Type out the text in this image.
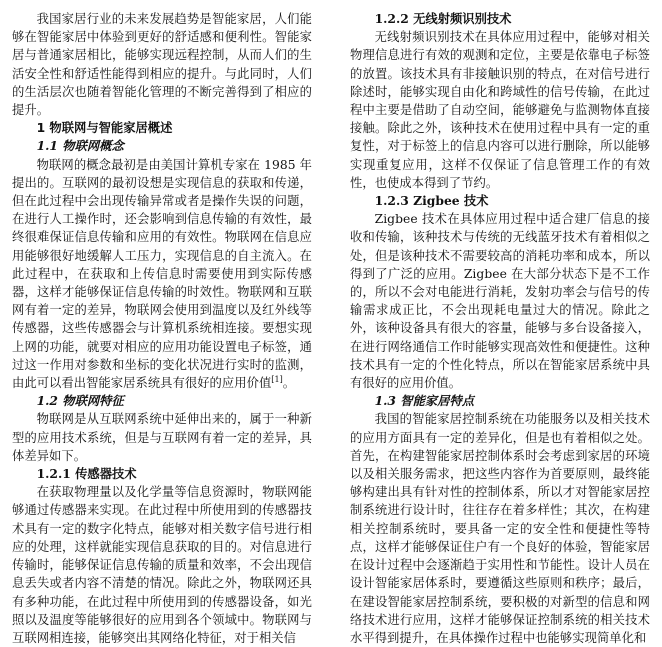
我国家居行业的未来发展趋势是智能家居，人们能够在智能家居中体验到更好的舒适感和便利性。智能家居与普通家居相比，能够实现远程控制，从而人们的生活安全性和舒适性能得到相应的提升。与此同时，人们的生活层次也随着智能化管理的不断完善得到了相应的提升。

1 物联网与智能家居概述
1.1 物联网概念

物联网的概念最初是由美国计算机专家在 1985 年提出的。互联网的最初设想是实现信息的获取和传递，但在此过程中会出现传输异常或者是操作失误的问题，在进行人工操作时，还会影响到信息传输的有效性，最终很难保证信息传输和应用的有效性。物联网在信息应用能够很好地缓解人工压力，实现信息的自主流入。在此过程中，在获取和上传信息时需要使用到实际传感器，这样才能够保证信息传输的时效性。物联网和互联网有着一定的差异，物联网会使用到温度以及红外线等传感器，这些传感器会与计算机系统相连接。要想实现上网的功能，就要对相应的应用功能设置电子标签，通过这一作用对参数和坐标的变化状况进行实时的监测，由此可以看出智能家居系统具有很好的应用价值[1]。

1.2 物联网特征

物联网是从互联网系统中延伸出来的，属于一种新型的应用技术系统，但是与互联网有着一定的差异，具体差异如下。

1.2.1 传感器技术

在获取物理量以及化学量等信息资源时，物联网能够通过传感器来实现。在此过程中所使用到的传感器技术具有一定的数字化特点，能够对相关数字信号进行相应的处理，这样就能实现信息获取的目的。对信息进行传输时，能够保证信息传输的质量和效率，不会出现信息丢失或者内容不清楚的情况。除此之外，物联网还具有多种功能，在此过程中所使用到的传感器设备，如光照以及温度等能够很好的应用到各个领域中。物联网与互联网相连接，能够突出其网络化特征，对于相关信

1.2.2 无线射频识别技术

无线射频识别技术在具体应用过程中，能够对相关物理信息进行有效的观测和定位，主要是依靠电子标签的放置。该技术具有非接触识别的特点，在对信号进行除述时，能够实现自由化和跨域性的信号传输，在此过程中主要是借助了自动空间，能够避免与监测物体直接接触。除此之外，该种技术在使用过程中具有一定的重复性，对于标签上的信息内容可以进行删除，所以能够实现重复应用，这样不仅保证了信息管理工作的有效性，也使成本得到了节约。

1.2.3 Zigbee 技术

Zigbee 技术在具体应用过程中适合建厂信息的接收和传输，该种技术与传统的无线蓝牙技术有着相似之处，但是该种技术不需要较高的消耗功率和成本，所以得到了广泛的应用。Zigbee 在大部分状态下是不工作的，所以不会对电能进行消耗，发射功率会与信号的传输需求成正比，不会出现耗电量过大的情况。除此之外，该种设备具有很大的容量，能够与多台设备接入，在进行网络通信工作时能够实现高效性和便捷性。这种技术具有一定的个性化特点，所以在智能家居系统中具有很好的应用价值。

1.3 智能家居特点

我国的智能家居控制系统在功能服务以及相关技术的应用方面具有一定的差异化，但是也有着相似之处。首先，在构建智能家居控制体系时会考虑到家居的环境以及相关服务需求，把这些内容作为首要原则，最终能够构建出具有针对性的控制体系，所以才对智能家居控制系统进行设计时，往往存在着多样性；其次，在构建相关控制系统时，要具备一定的安全性和便捷性等特点，这样才能够保证住户有一个良好的体验，智能家居在设计过程中会逐渐趋于实用性和节能性。设计人员在设计智能家居体系时，要遵循这些原则和秩序；最后，在建设智能家居控制系统，要积极的对新型的信息和网络技术进行应用，这样才能够保证控制系统的相关技术水平得到提升，在具体操作过程中也能够实现简单化和
